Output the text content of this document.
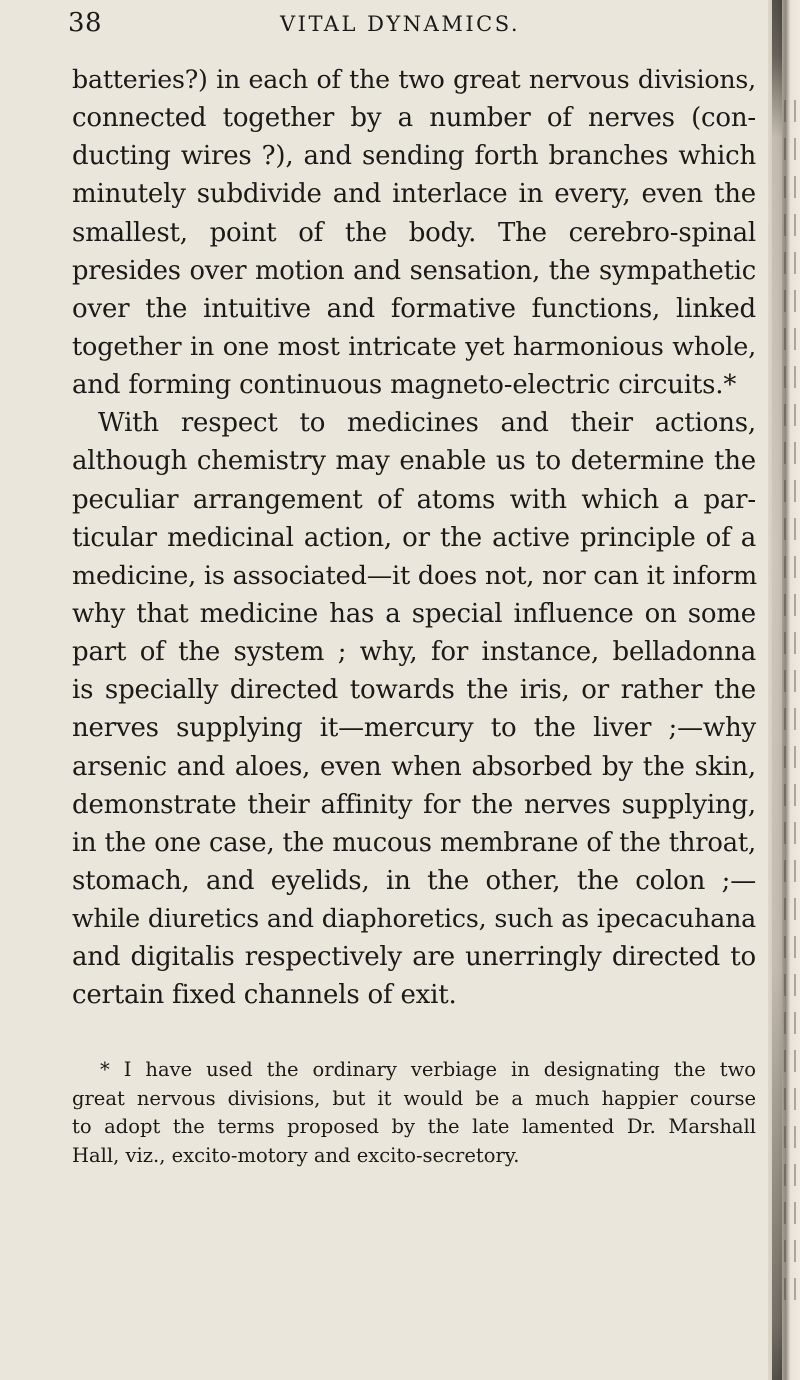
38	VITAL DYNAMICS.
batteries?) in each of the two great nervous divisions,
connected together by a number of nerves (con-
ducting wires ?), and sending forth branches which
minutely subdivide and interlace in every, even the
smallest, point of the body. The cerebro-spinal
presides over motion and sensation, the sympathetic
over the intuitive and formative functions, linked
together in one most intricate yet harmonious whole,
and forming continuous magneto-electric circuits.*
With respect to medicines and their actions,
although chemistry may enable us to determine the
peculiar arrangement of atoms with which a par-
ticular medicinal action, or the active principle of a
medicine, is associated—it does not, nor can it inform
why that medicine has a special influence on some
part of the system ; why, for instance, belladonna
is specially directed towards the iris, or rather the
nerves supplying it—mercury to the liver ;—why
arsenic and aloes, even when absorbed by the skin,
demonstrate their affinity for the nerves supplying,
in the one case, the mucous membrane of the throat,
stomach, and eyelids, in the other, the colon ;—
while diuretics and diaphoretics, such as ipecacuhana
and digitalis respectively are unerringly directed to
certain fixed channels of exit.
* I have used the ordinary verbiage in designating the two
great nervous divisions, but it would be a much happier course
to adopt the terms proposed by the late lamented Dr. Marshall
Hall, viz., excito-motory and excito-secretory.
